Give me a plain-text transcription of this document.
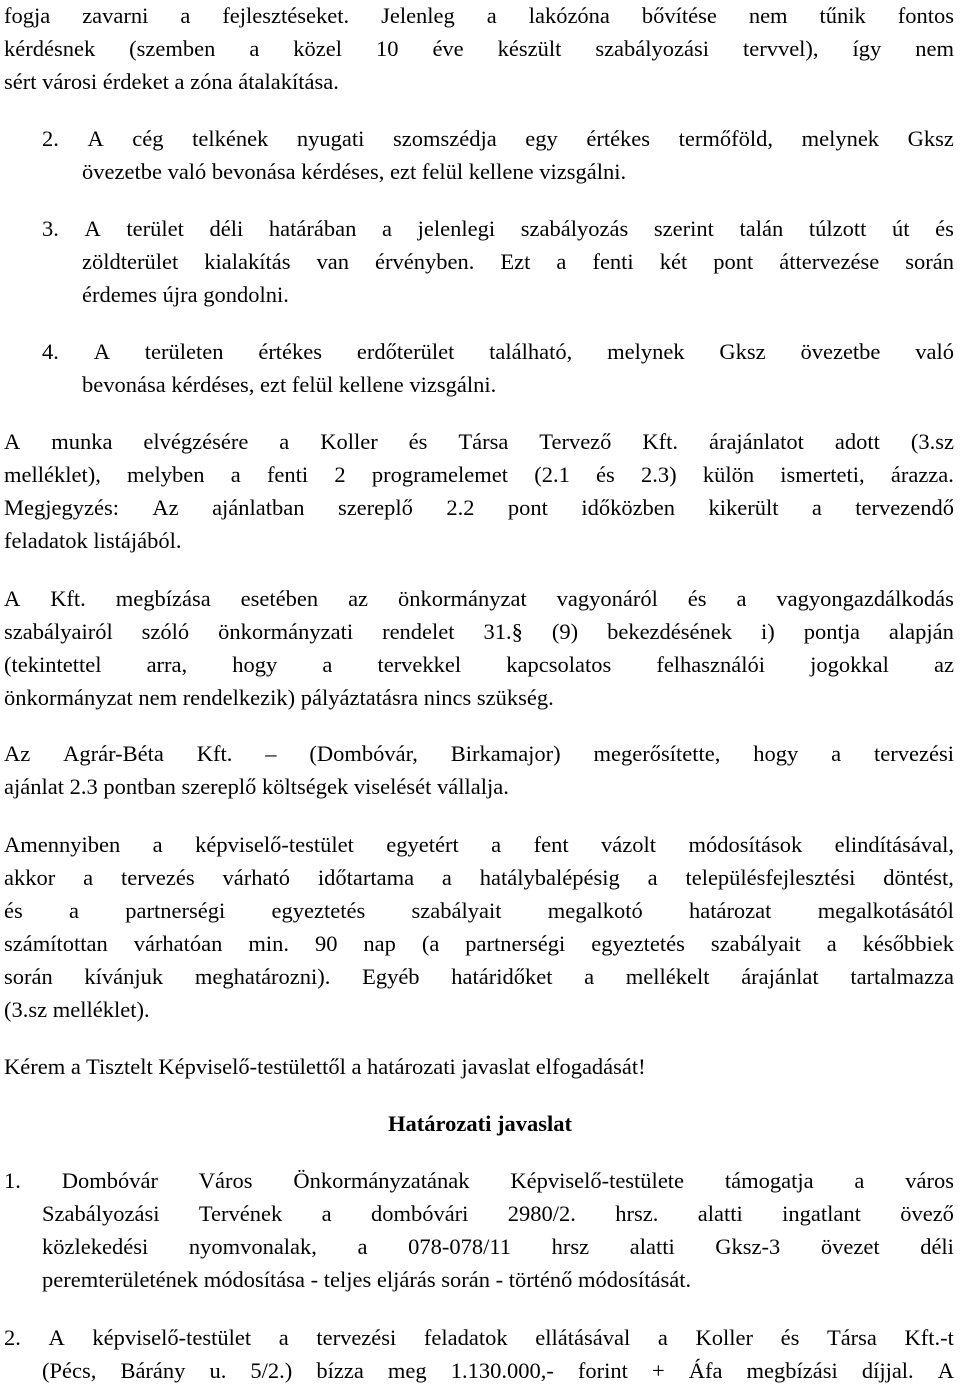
fogja zavarni a fejlesztéseket. Jelenleg a lakózóna bővítése nem tűnik fontos
kérdésnek (szemben a közel 10 éve készült szabályozási tervvel), így nem
sért városi érdeket a zóna átalakítása.
2. A cég telkének nyugati szomszédja egy értékes termőföld, melynek Gksz
övezetbe való bevonása kérdéses, ezt felül kellene vizsgálni.
3. A terület déli határában a jelenlegi szabályozás szerint talán túlzott út és
zöldterület kialakítás van érvényben. Ezt a fenti két pont áttervezése során
érdemes újra gondolni.
4. A területen értékes erdőterület található, melynek Gksz övezetbe való
bevonása kérdéses, ezt felül kellene vizsgálni.
A munka elvégzésére a Koller és Társa Tervező Kft. árajánlatot adott (3.sz
melléklet), melyben a fenti 2 programelemet (2.1 és 2.3) külön ismerteti, árazza.
Megjegyzés: Az ajánlatban szereplő 2.2 pont időközben kikerült a tervezendő
feladatok listájából.
A Kft. megbízása esetében az önkormányzat vagyonáról és a vagyongazdálkodás
szabályairól szóló önkormányzati rendelet 31.§ (9) bekezdésének i) pontja alapján
(tekintettel arra, hogy a tervekkel kapcsolatos felhasználói jogokkal az
önkormányzat nem rendelkezik) pályáztatásra nincs szükség.
Az Agrár-Béta Kft. – (Dombóvár, Birkamajor) megerősítette, hogy a tervezési
ajánlat 2.3 pontban szereplő költségek viselését vállalja.
Amennyiben a képviselő-testület egyetért a fent vázolt módosítások elindításával,
akkor a tervezés várható időtartama a hatálybalépésig a településfejlesztési döntést,
és a partnerségi egyeztetés szabályait megalkotó határozat megalkotásától
számítottan várhatóan min. 90 nap (a partnerségi egyeztetés szabályait a későbbiek
során kívánjuk meghatározni). Egyéb határidőket a mellékelt árajánlat tartalmazza
(3.sz melléklet).
Kérem a Tisztelt Képviselő-testülettől a határozati javaslat elfogadását!
Határozati javaslat
1. Dombóvár Város Önkormányzatának Képviselő-testülete támogatja a város
Szabályozási Tervének a dombóvári 2980/2. hrsz. alatti ingatlant övező
közlekedési nyomvonalak, a 078-078/11 hrsz alatti Gksz-3 övezet déli
peremterületének módosítása - teljes eljárás során - történő módosítását.
2. A képviselő-testület a tervezési feladatok ellátásával a Koller és Társa Kft.-t
(Pécs, Bárány u. 5/2.) bízza meg 1.130.000,- forint + Áfa megbízási díjjal. A
